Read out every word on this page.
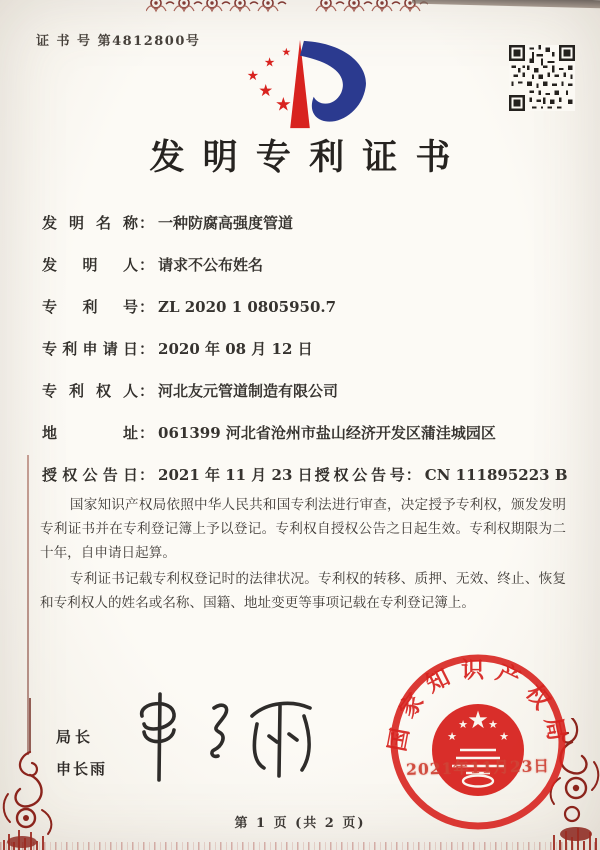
证 书 号 第4812800号
★
★
★
★
★
发明专利证书
发明名称： 一种防腐高强度管道
发明人： 请求不公布姓名
专利号： ZL 2020 1 0805950.7
专利申请日： 2020 年 08 月 12 日
专利权人： 河北友元管道制造有限公司
地址： 061399 河北省沧州市盐山经济开发区蒲洼城园区
授权公告日： 2021 年 11 月 23 日 授权公告号： CN 111895223 B

国家知识产权局依照中华人民共和国专利法进行审查，决定授予专利权，颁发发明专利证书并在专利登记簿上予以登记。专利权自授权公告之日起生效。专利权期限为二十年，自申请日起算。

专利证书记载专利权登记时的法律状况。专利权的转移、质押、无效、终止、恢复和专利权人的姓名或名称、国籍、地址变更等事项记载在专利登记簿上。

局长
申长雨
国家知识产权局
★
★
★ ★
★
2021年11月23日
第 1 页 (共 2 页)
